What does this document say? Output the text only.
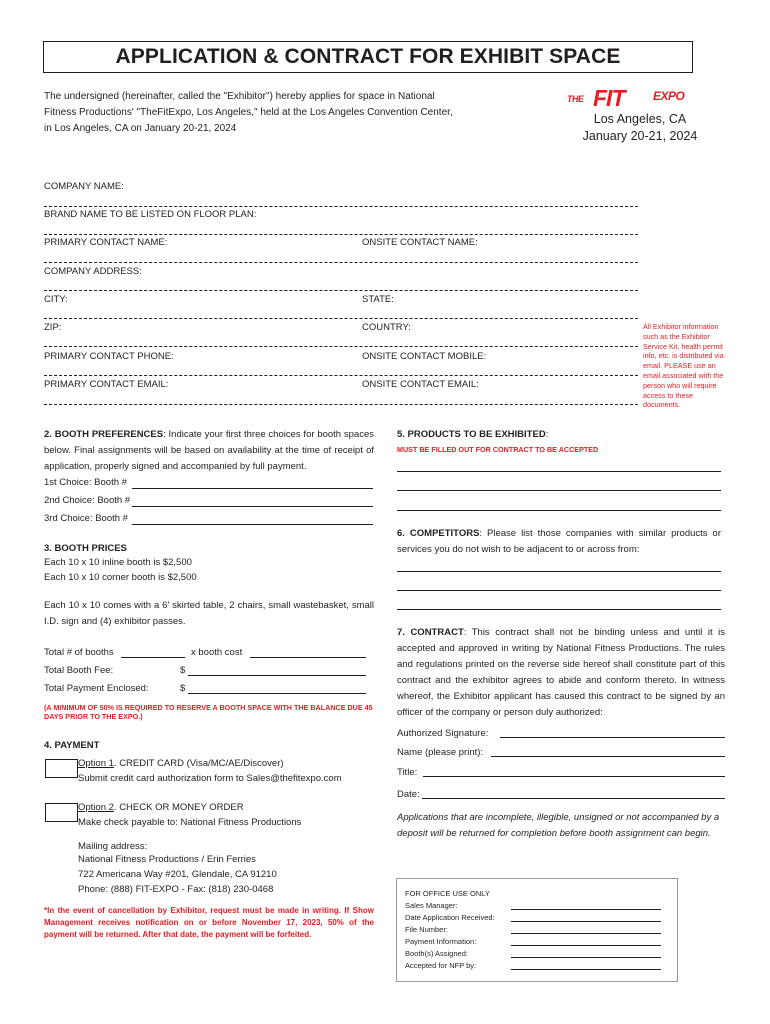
APPLICATION & CONTRACT FOR EXHIBIT SPACE
The undersigned (hereinafter, called the "Exhibitor") hereby applies for space in National Fitness Productions' "TheFitExpo, Los Angeles," held at the Los Angeles Convention Center, in Los Angeles, CA on January 20-21, 2024
THE FIT EXPO
Los Angeles, CA
January 20-21, 2024
COMPANY NAME:
BRAND NAME TO BE LISTED ON FLOOR PLAN:
PRIMARY CONTACT NAME:	ONSITE CONTACT NAME:
COMPANY ADDRESS:
CITY:	STATE:
ZIP:	COUNTRY:
PRIMARY CONTACT PHONE:	ONSITE CONTACT MOBILE:
PRIMARY CONTACT EMAIL:	ONSITE CONTACT EMAIL:
All Exhibitor information such as the Exhibitor Service Kit, health permit info, etc. is distributed via email. PLEASE use an email associated with the person who will require access to these documents.
2. BOOTH PREFERENCES: Indicate your first three choices for booth spaces below. Final assignments will be based on availability at the time of receipt of application, properly signed and accompanied by full payment.
1st Choice: Booth #
2nd Choice: Booth #
3rd Choice: Booth #
3. BOOTH PRICES
Each 10 x 10 inline booth is $2,500
Each 10 x 10 corner booth is $2,500
Each 10 x 10 comes with a 6' skirted table, 2 chairs, small wastebasket, small I.D. sign and (4) exhibitor passes.
Total # of booths	x booth cost
Total Booth Fee:	$
Total Payment Enclosed:	$
(A MINIMUM OF 50% IS REQUIRED TO RESERVE A BOOTH SPACE WITH THE BALANCE DUE 45 DAYS PRIOR TO THE EXPO.)
4. PAYMENT
Option 1. CREDIT CARD (Visa/MC/AE/Discover)
Submit credit card authorization form to Sales@thefitexpo.com
Option 2. CHECK OR MONEY ORDER
Make check payable to: National Fitness Productions
Mailing address:
National Fitness Productions / Erin Ferries
722 Americana Way #201, Glendale, CA 91210
Phone: (888) FIT-EXPO - Fax: (818) 230-0468
*In the event of cancellation by Exhibitor, request must be made in writing. If Show Management receives notification on or before November 17, 2023, 50% of the payment will be returned. After that date, the payment will be forfeited.
5. PRODUCTS TO BE EXHIBITED:
MUST BE FILLED OUT FOR CONTRACT TO BE ACCEPTED
6. COMPETITORS: Please list those companies with similar products or services you do not wish to be adjacent to or across from:
7. CONTRACT: This contract shall not be binding unless and until it is accepted and approved in writing by National Fitness Productions. The rules and regulations printed on the reverse side hereof shall constitute part of this contract and the exhibitor agrees to abide and conform thereto. In witness whereof, the Exhibitor applicant has caused this contract to be signed by an officer of the company or person duly authorized:
Authorized Signature:
Name (please print):
Title:
Date:
Applications that are incomplete, illegible, unsigned or not accompanied by a deposit will be returned for completion before booth assignment can begin.
FOR OFFICE USE ONLY
Sales Manager:
Date Application Received:
File Number:
Payment Information:
Booth(s) Assigned:
Accepted for NFP by:
